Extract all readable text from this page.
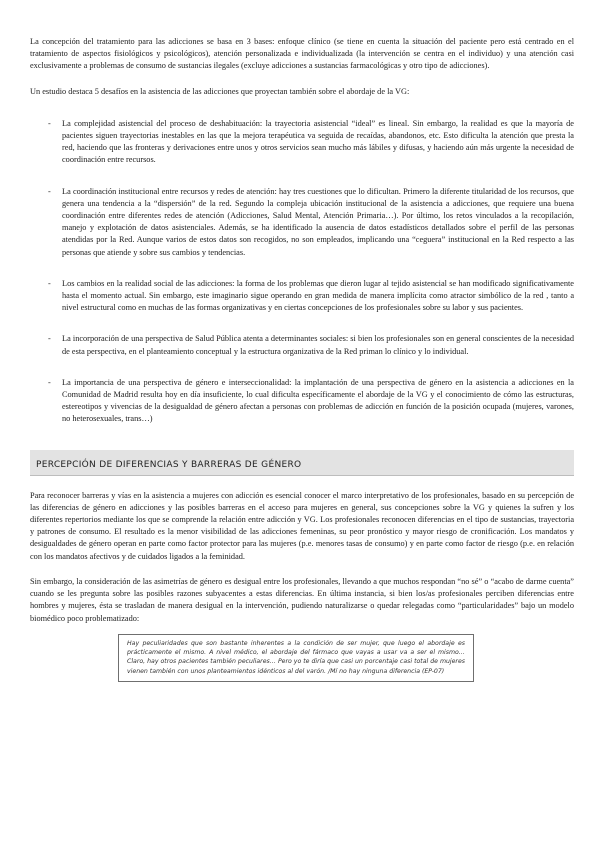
La concepción del tratamiento para las adicciones se basa en 3 bases: enfoque clínico (se tiene en cuenta la situación del paciente pero está centrado en el tratamiento de aspectos fisiológicos y psicológicos), atención personalizada e individualizada (la intervención se centra en el individuo) y una atención casi exclusivamente a problemas de consumo de sustancias ilegales (excluye adicciones a sustancias farmacológicas y otro tipo de adicciones).

Un estudio destaca 5 desafíos en la asistencia de las adicciones que proyectan también sobre el abordaje de la VG:

- La complejidad asistencial del proceso de deshabituación: la trayectoria asistencial “ideal” es lineal. Sin embargo, la realidad es que la mayoría de pacientes siguen trayectorias inestables en las que la mejora terapéutica va seguida de recaídas, abandonos, etc. Esto dificulta la atención que presta la red, haciendo que las fronteras y derivaciones entre unos y otros servicios sean mucho más lábiles y difusas, y haciendo aún más urgente la necesidad de coordinación entre recursos.

- La coordinación institucional entre recursos y redes de atención: hay tres cuestiones que lo dificultan. Primero la diferente titularidad de los recursos, que genera una tendencia a la “dispersión” de la red. Segundo la compleja ubicación institucional de la asistencia a adicciones, que requiere una buena coordinación entre diferentes redes de atención (Adicciones, Salud Mental, Atención Primaria…). Por último, los retos vinculados a la recopilación, manejo y explotación de datos asistenciales. Además, se ha identificado la ausencia de datos estadísticos detallados sobre el perfil de las personas atendidas por la Red. Aunque varios de estos datos son recogidos, no son empleados, implicando una “ceguera” institucional en la Red respecto a las personas que atiende y sobre sus cambios y tendencias.

- Los cambios en la realidad social de las adicciones: la forma de los problemas que dieron lugar al tejido asistencial se han modificado significativamente hasta el momento actual. Sin embargo, este imaginario sigue operando en gran medida de manera implícita como atractor simbólico de la red , tanto a nivel estructural como en muchas de las formas organizativas y en ciertas concepciones de los profesionales sobre su labor y sus pacientes.

- La incorporación de una perspectiva de Salud Pública atenta a determinantes sociales: si bien los profesionales son en general conscientes de la necesidad de esta perspectiva, en el planteamiento conceptual y la estructura organizativa de la Red priman lo clínico y lo individual.

- La importancia de una perspectiva de género e interseccionalidad: la implantación de una perspectiva de género en la asistencia a adicciones en la Comunidad de Madrid resulta hoy en día insuficiente, lo cual dificulta específicamente el abordaje de la VG y el conocimiento de cómo las estructuras, estereotipos y vivencias de la desigualdad de género afectan a personas con problemas de adicción en función de la posición ocupada (mujeres, varones, no heterosexuales, trans…)

PERCEPCIÓN DE DIFERENCIAS Y BARRERAS DE GÉNERO

Para reconocer barreras y vías en la asistencia a mujeres con adicción es esencial conocer el marco interpretativo de los profesionales, basado en su percepción de las diferencias de género en adicciones y las posibles barreras en el acceso para mujeres en general, sus concepciones sobre la VG y quienes la sufren y los diferentes repertorios mediante los que se comprende la relación entre adicción y VG. Los profesionales reconocen diferencias en el tipo de sustancias, trayectoria y patrones de consumo. El resultado es la menor visibilidad de las adicciones femeninas, su peor pronóstico y mayor riesgo de cronificación. Los mandatos y desigualdades de género operan en parte como factor protector para las mujeres (p.e. menores tasas de consumo) y en parte como factor de riesgo (p.e. en relación con los mandatos afectivos y de cuidados ligados a la feminidad.

Sin embargo, la consideración de las asimetrías de género es desigual entre los profesionales, llevando a que muchos respondan “no sé” o “acabo de darme cuenta” cuando se les pregunta sobre las posibles razones subyacentes a estas diferencias. En última instancia, si bien los/as profesionales perciben diferencias entre hombres y mujeres, ésta se trasladan de manera desigual en la intervención, pudiendo naturalizarse o quedar relegadas como “particularidades” bajo un modelo biomédico poco problematizado:

Hay peculiaridades que son bastante inherentes a la condición de ser mujer, que luego el abordaje es prácticamente el mismo. A nivel médico, el abordaje del fármaco que vayas a usar va a ser el mismo… Claro, hay otros pacientes también peculiares… Pero yo te diría que casi un porcentaje casi total de mujeres vienen también con unos planteamientos idénticos al del varón. /Mí no hay ninguna diferencia (EP-07)
